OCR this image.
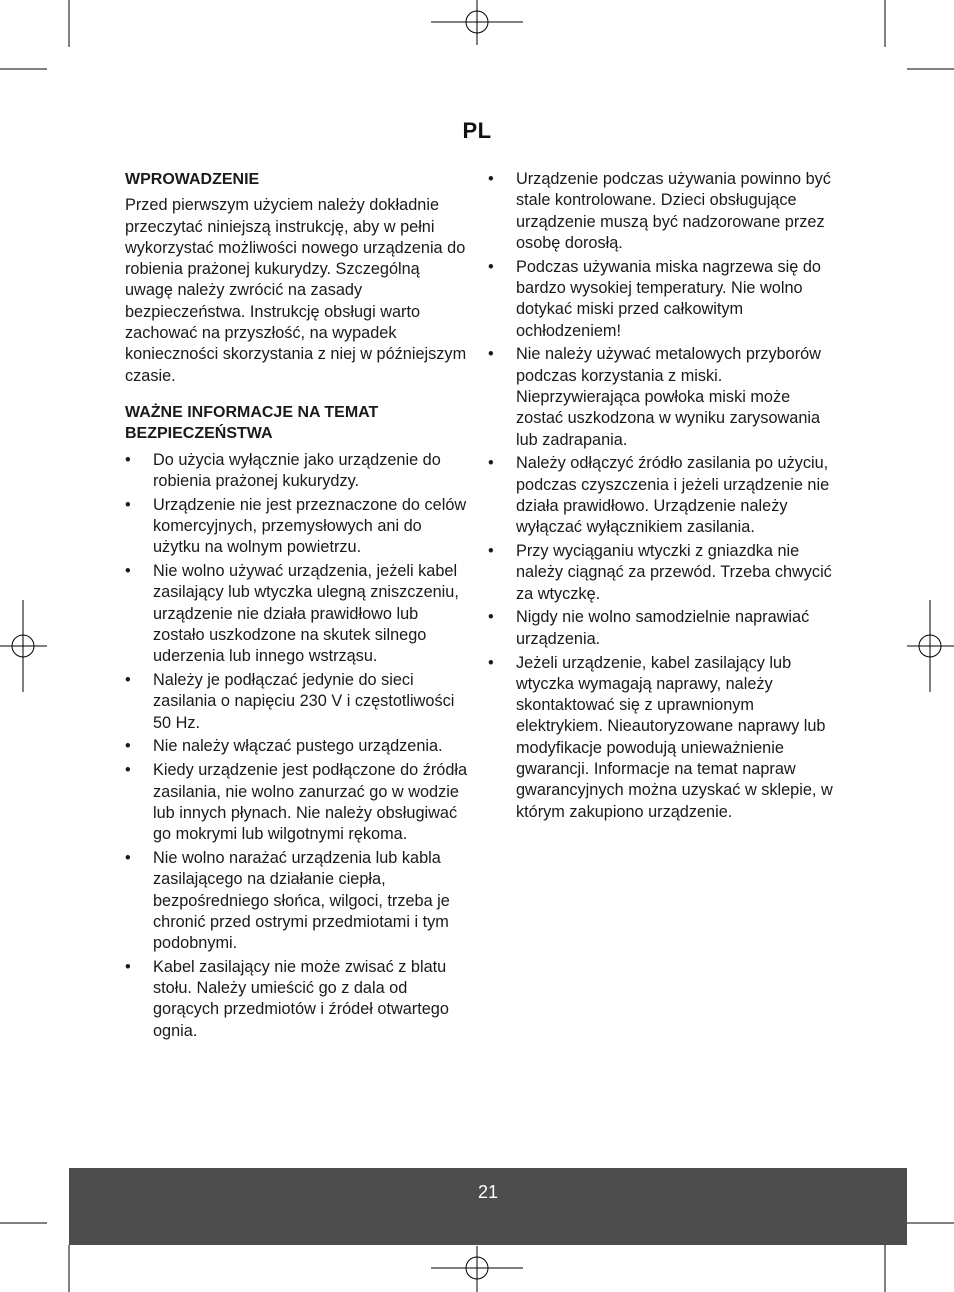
PL
WPROWADZENIE

Przed pierwszym użyciem należy dokładnie przeczytać niniejszą instrukcję, aby w pełni wykorzystać możliwości nowego urządzenia do robienia prażonej kukurydzy. Szczególną uwagę należy zwrócić na zasady bezpieczeństwa. Instrukcję obsługi warto zachować na przyszłość, na wypadek konieczności skorzystania z niej w późniejszym czasie.

WAŻNE INFORMACJE NA TEMAT BEZPIECZEŃSTWA
• Do użycia wyłącznie jako urządzenie do robienia prażonej kukurydzy.
• Urządzenie nie jest przeznaczone do celów komercyjnych, przemysłowych ani do użytku na wolnym powietrzu.
• Nie wolno używać urządzenia, jeżeli kabel zasilający lub wtyczka ulegną zniszczeniu, urządzenie nie działa prawidłowo lub zostało uszkodzone na skutek silnego uderzenia lub innego wstrząsu.
• Należy je podłączać jedynie do sieci zasilania o napięciu 230 V i częstotliwości 50 Hz.
• Nie należy włączać pustego urządzenia.
• Kiedy urządzenie jest podłączone do źródła zasilania, nie wolno zanurzać go w wodzie lub innych płynach. Nie należy obsługiwać go mokrymi lub wilgotnymi rękoma.
• Nie wolno narażać urządzenia lub kabla zasilającego na działanie ciepła, bezpośredniego słońca, wilgoci, trzeba je chronić przed ostrymi przedmiotami i tym podobnymi.
• Kabel zasilający nie może zwisać z blatu stołu. Należy umieścić go z dala od gorących przedmiotów i źródeł otwartego ognia.
• Urządzenie podczas używania powinno być stale kontrolowane. Dzieci obsługujące urządzenie muszą być nadzorowane przez osobę dorosłą.
• Podczas używania miska nagrzewa się do bardzo wysokiej temperatury. Nie wolno dotykać miski przed całkowitym ochłodzeniem!
• Nie należy używać metalowych przyborów podczas korzystania z miski. Nieprzywierająca powłoka miski może zostać uszkodzona w wyniku zarysowania lub zadrapania.
• Należy odłączyć źródło zasilania po użyciu, podczas czyszczenia i jeżeli urządzenie nie działa prawidłowo. Urządzenie należy wyłączać wyłącznikiem zasilania.
• Przy wyciąganiu wtyczki z gniazdka nie należy ciągnąć za przewód. Trzeba chwycić za wtyczkę.
• Nigdy nie wolno samodzielnie naprawiać urządzenia.
• Jeżeli urządzenie, kabel zasilający lub wtyczka wymagają naprawy, należy skontaktować się z uprawnionym elektrykiem. Nieautoryzowane naprawy lub modyfikacje powodują unieważnienie gwarancji. Informacje na temat napraw gwarancyjnych można uzyskać w sklepie, w którym zakupiono urządzenie.
21
